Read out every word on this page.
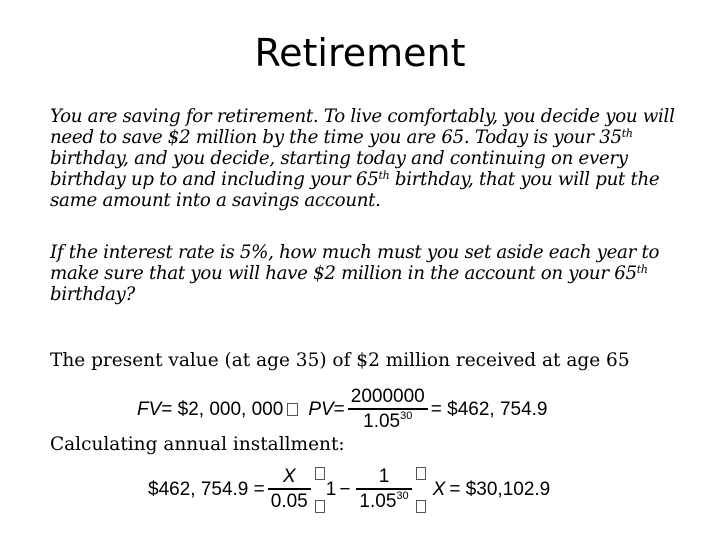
Retirement
You are saving for retirement. To live comfortably, you decide you will need to save $2 million by the time you are 65. Today is your 35th birthday, and you decide, starting today and continuing on every birthday up to and including your 65th birthday, that you will put the same amount into a savings account.
If the interest rate is 5%, how much must you set aside each year to make sure that you will have $2 million in the account on your 65th birthday?
The present value (at age 35) of $2 million received at age 65
FV = $2, 000, 000 PV = $\frac{2000000}{1.05^{30}}$ = $462, 754.9
Calculating annual installment:
$462, $754.9 = \frac{X}{0.05} 1 - \frac{1}{1.05^{30}}$ X = $30,102.9
